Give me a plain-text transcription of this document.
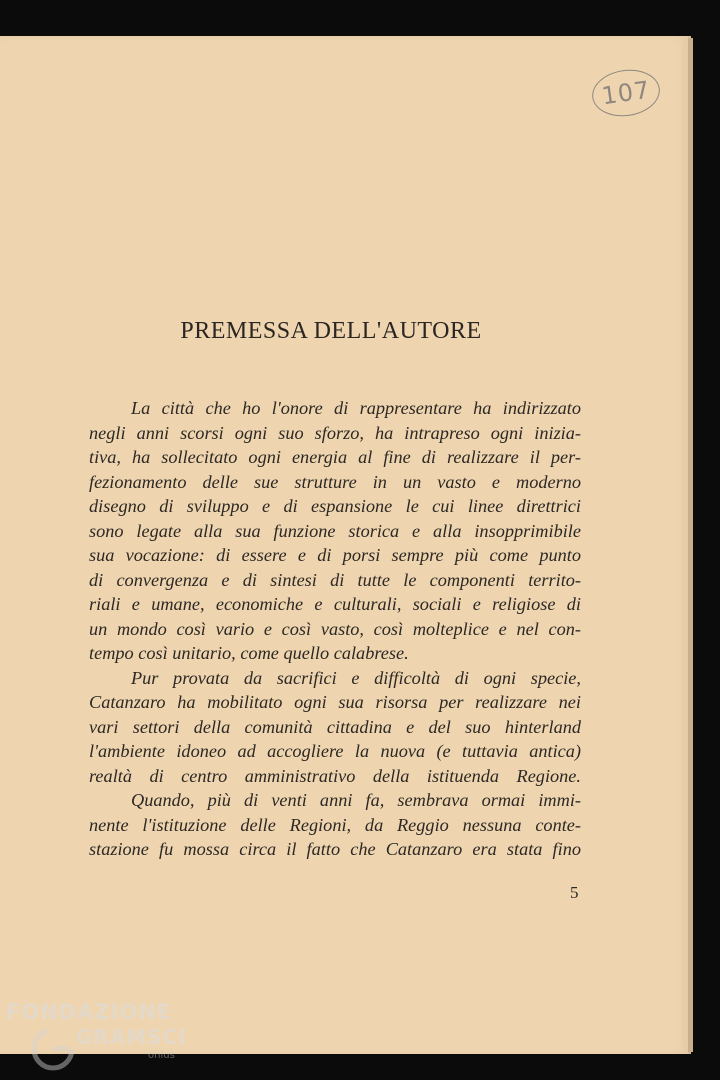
107
PREMESSA DELL'AUTORE

La città che ho l'onore di rappresentare ha indirizzato
negli anni scorsi ogni suo sforzo, ha intrapreso ogni inizia-
tiva, ha sollecitato ogni energia al fine di realizzare il per-
fezionamento delle sue strutture in un vasto e moderno
disegno di sviluppo e di espansione le cui linee direttrici
sono legate alla sua funzione storica e alla insopprimibile
sua vocazione: di essere e di porsi sempre più come punto
di convergenza e di sintesi di tutte le componenti territo-
riali e umane, economiche e culturali, sociali e religiose di
un mondo così vario e così vasto, così molteplice e nel con-
tempo così unitario, come quello calabrese.

Pur provata da sacrifici e difficoltà di ogni specie,
Catanzaro ha mobilitato ogni sua risorsa per realizzare nei
vari settori della comunità cittadina e del suo hinterland
l'ambiente idoneo ad accogliere la nuova (e tuttavia antica)
realtà di centro amministrativo della istituenda Regione.

Quando, più di venti anni fa, sembrava ormai immi-
nente l'istituzione delle Regioni, da Reggio nessuna conte-
stazione fu mossa circa il fatto che Catanzaro era stata fino

5
FONDAZIONE
GRAMSCI
onlus
